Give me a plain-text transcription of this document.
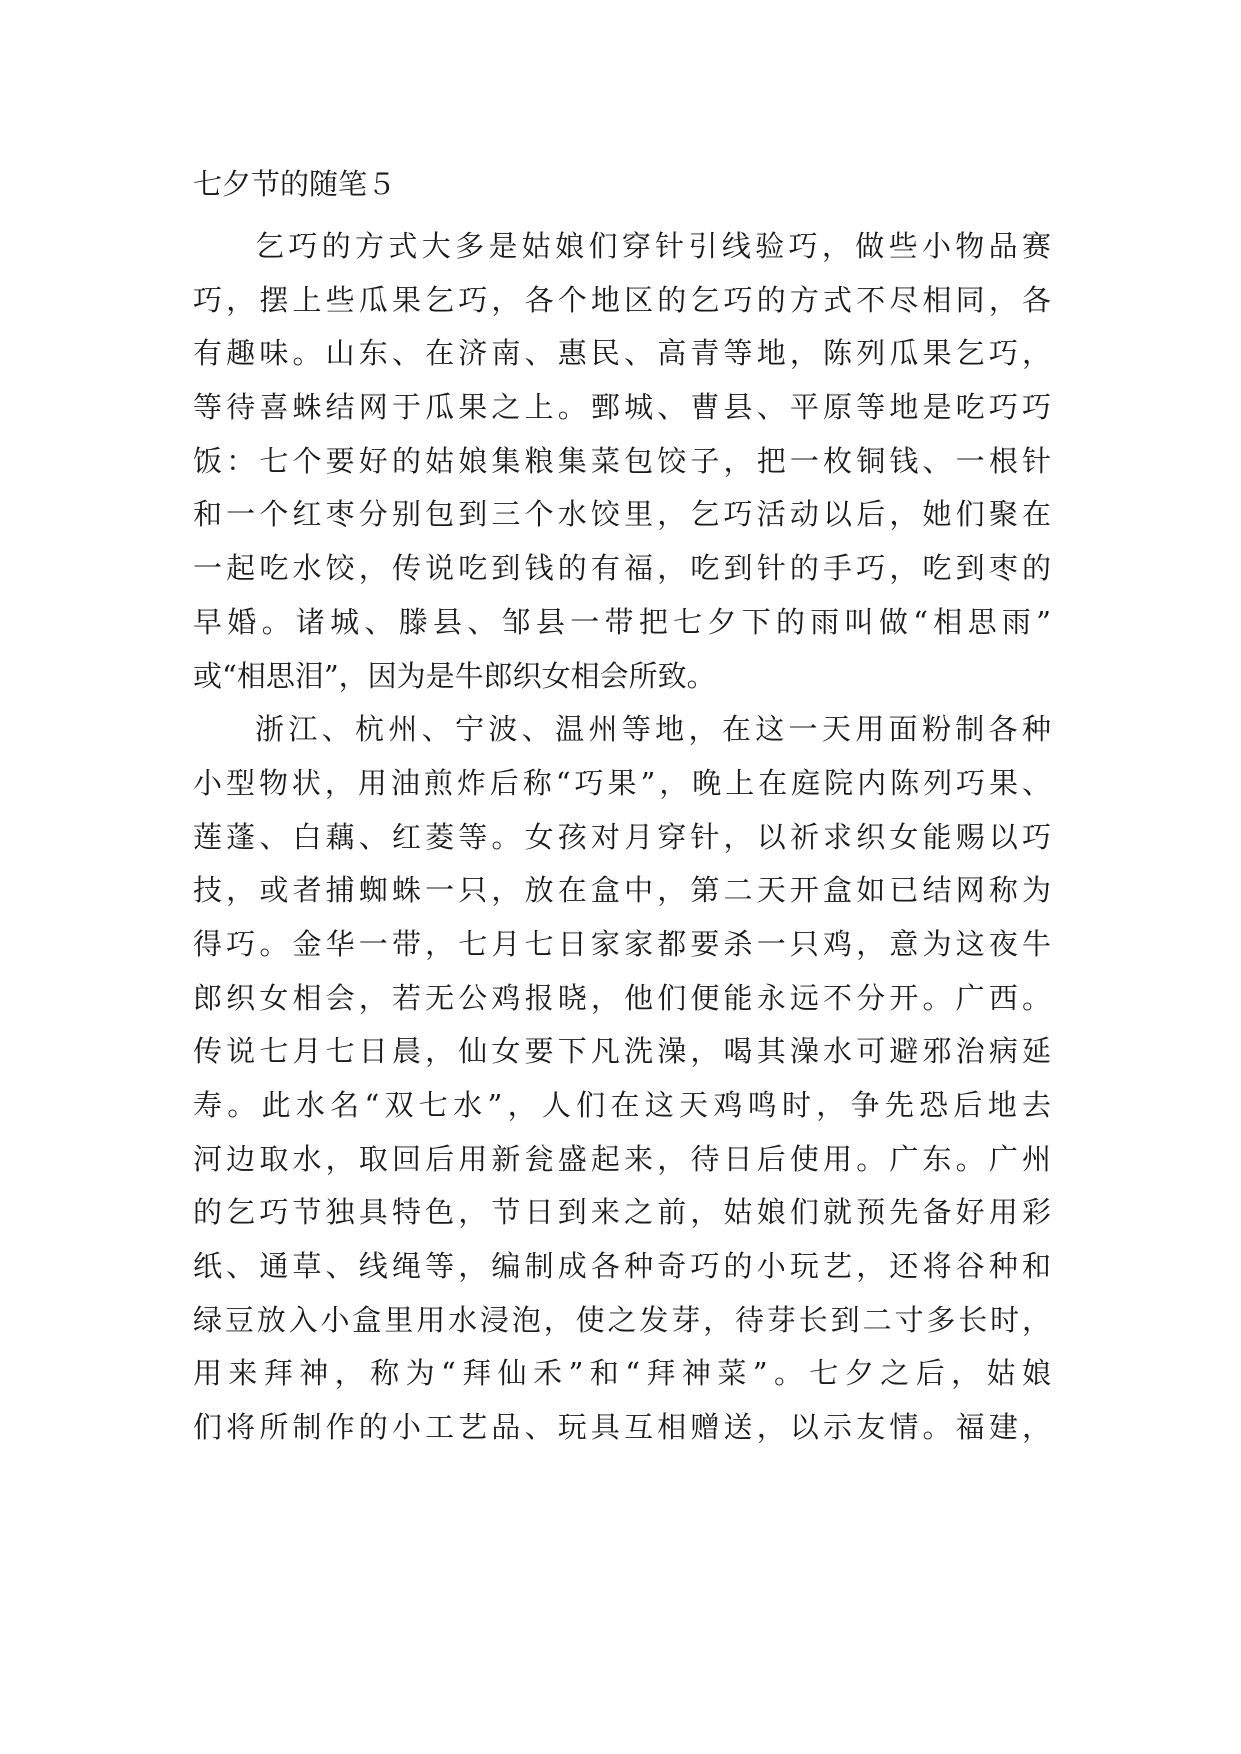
七夕节的随笔５
乞巧的方式大多是姑娘们穿针引线验巧，做些小物品赛
巧，摆上些瓜果乞巧，各个地区的乞巧的方式不尽相同，各
有趣味。山东、在济南、惠民、高青等地，陈列瓜果乞巧，
等待喜蛛结网于瓜果之上。鄄城、曹县、平原等地是吃巧巧
饭：七个要好的姑娘集粮集菜包饺子，把一枚铜钱、一根针
和一个红枣分别包到三个水饺里，乞巧活动以后，她们聚在
一起吃水饺，传说吃到钱的有福，吃到针的手巧，吃到枣的
早婚。诸城、滕县、邹县一带把七夕下的雨叫做“相思雨”
或“相思泪”，因为是牛郎织女相会所致。
浙江、杭州、宁波、温州等地，在这一天用面粉制各种
小型物状，用油煎炸后称“巧果”，晚上在庭院内陈列巧果、
莲蓬、白藕、红菱等。女孩对月穿针，以祈求织女能赐以巧
技，或者捕蜘蛛一只，放在盒中，第二天开盒如已结网称为
得巧。金华一带，七月七日家家都要杀一只鸡，意为这夜牛
郎织女相会，若无公鸡报晓，他们便能永远不分开。广西。
传说七月七日晨，仙女要下凡洗澡，喝其澡水可避邪治病延
寿。此水名“双七水”，人们在这天鸡鸣时，争先恐后地去
河边取水，取回后用新瓮盛起来，待日后使用。广东。广州
的乞巧节独具特色，节日到来之前，姑娘们就预先备好用彩
纸、通草、线绳等，编制成各种奇巧的小玩艺，还将谷种和
绿豆放入小盒里用水浸泡，使之发芽，待芽长到二寸多长时，
用来拜神，称为“拜仙禾”和“拜神菜”。七夕之后，姑娘
们将所制作的小工艺品、玩具互相赠送，以示友情。福建，
